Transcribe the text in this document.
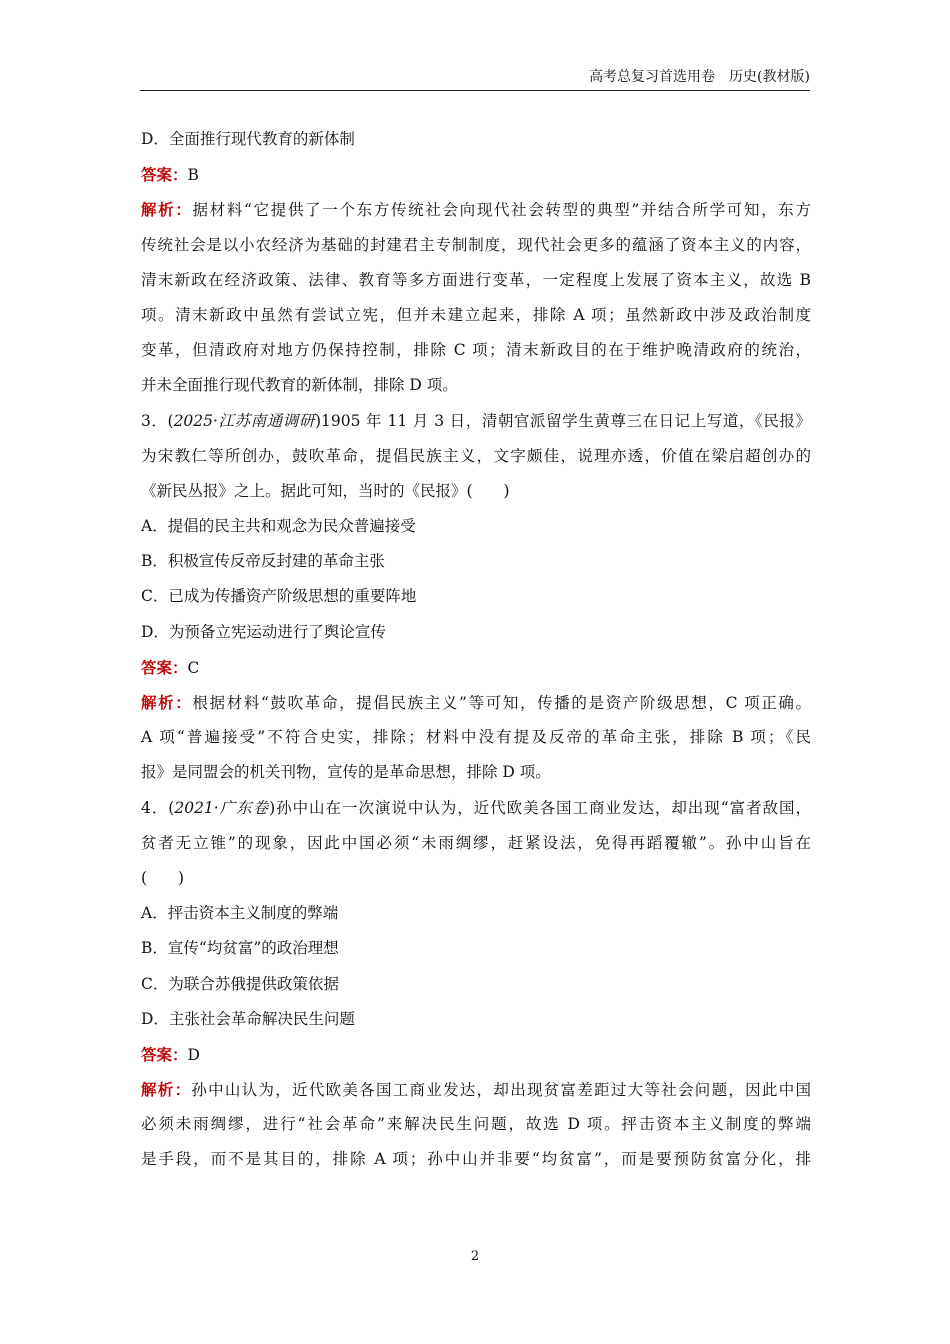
高考总复习首选用卷　历史(教材版)
D．全面推行现代教育的新体制
答案：B
解析：据材料“它提供了一个东方传统社会向现代社会转型的典型”并结合所学可知，东方
传统社会是以小农经济为基础的封建君主专制制度，现代社会更多的蕴涵了资本主义的内容，
清末新政在经济政策、法律、教育等多方面进行变革，一定程度上发展了资本主义，故选 B
项。清末新政中虽然有尝试立宪，但并未建立起来，排除 A 项；虽然新政中涉及政治制度
变革，但清政府对地方仍保持控制，排除 C 项；清末新政目的在于维护晚清政府的统治，
并未全面推行现代教育的新体制，排除 D 项。
3．(2025·江苏南通调研)1905 年 11 月 3 日，清朝官派留学生黄尊三在日记上写道，《民报》
为宋教仁等所创办，鼓吹革命，提倡民族主义，文字颇佳，说理亦透，价值在梁启超创办的
《新民丛报》之上。据此可知，当时的《民报》(　　)
A．提倡的民主共和观念为民众普遍接受
B．积极宣传反帝反封建的革命主张
C．已成为传播资产阶级思想的重要阵地
D．为预备立宪运动进行了舆论宣传
答案：C
解析：根据材料“鼓吹革命，提倡民族主义”等可知，传播的是资产阶级思想，C 项正确。
A 项“普遍接受”不符合史实，排除；材料中没有提及反帝的革命主张，排除 B 项；《民
报》是同盟会的机关刊物，宣传的是革命思想，排除 D 项。
4．(2021·广东卷)孙中山在一次演说中认为，近代欧美各国工商业发达，却出现“富者敌国，
贫者无立锥”的现象，因此中国必须“未雨绸缪，赶紧设法，免得再蹈覆辙”。孙中山旨在
(　　)
A．抨击资本主义制度的弊端
B．宣传“均贫富”的政治理想
C．为联合苏俄提供政策依据
D．主张社会革命解决民生问题
答案：D
解析：孙中山认为，近代欧美各国工商业发达，却出现贫富差距过大等社会问题，因此中国
必须未雨绸缪，进行“社会革命”来解决民生问题，故选 D 项。抨击资本主义制度的弊端
是手段，而不是其目的，排除 A 项；孙中山并非要“均贫富”，而是要预防贫富分化，排
2
